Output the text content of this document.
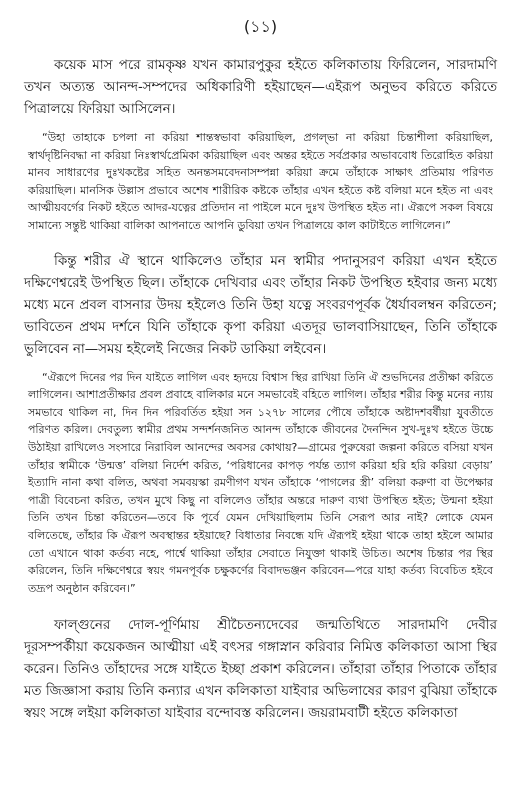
(১১)

কয়েক মাস পরে রামকৃষ্ণ যখন কামারপুকুর হইতে কলিকাতায় ফিরিলেন, সারদামণি তখন অত্যন্ত আনন্দ-সম্পদের অধিকারিণী হইয়াছেন—এইরূপ অনুভব করিতে করিতে পিত্রালয়ে ফিরিয়া আসিলেন।

“উহা তাহাকে চপলা না করিয়া শান্তস্বভাবা করিয়াছিল, প্রগল্‌ভা না করিয়া চিন্তাশীলা করিয়াছিল, স্বার্থদৃষ্টিনিবদ্ধা না করিয়া নিঃস্বার্থপ্রেমিকা করিয়াছিল এবং অন্তর হইতে সর্বপ্রকার অভাববোধ তিরোহিত করিয়া মানব সাধারণের দুঃখকষ্টের সহিত অনন্তসমবেদনাসম্পন্না করিয়া ক্রমে তাঁহাকে সাক্ষাৎ প্রতিমায় পরিণত করিয়াছিল। মানসিক উল্লাস প্রভাবে অশেষ শারীরিক কষ্টকে তাঁহার এখন হইতে কষ্ট বলিয়া মনে হইত না এবং আত্মীয়বর্গের নিকট হইতে আদর-যত্নের প্রতিদান না পাইলে মনে দুঃখ উপস্থিত হইত না। ঐরূপে সকল বিষয়ে সামান্যে সন্তুষ্ট থাকিয়া বালিকা আপনাতে আপনি ডুবিয়া তখন পিত্রালয়ে কাল কাটাইতে লাগিলেন।”

কিন্তু শরীর ঐ স্থানে থাকিলেও তাঁহার মন স্বামীর পদানুসরণ করিয়া এখন হইতে দক্ষিণেশ্বরেই উপস্থিত ছিল। তাঁহাকে দেখিবার এবং তাঁহার নিকট উপস্থিত হইবার জন্য মধ্যে মধ্যে মনে প্রবল বাসনার উদয় হইলেও তিনি উহা যত্নে সংবরণপূর্বক ধৈর্যাবলম্বন করিতেন; ভাবিতেন প্রথম দর্শনে যিনি তাঁহাকে কৃপা করিয়া এতদূর ভালবাসিয়াছেন, তিনি তাঁহাকে ভুলিবেন না—সময় হইলেই নিজের নিকট ডাকিয়া লইবেন।

“ঐরূপে দিনের পর দিন যাইতে লাগিল এবং হৃদয়ে বিশ্বাস স্থির রাখিয়া তিনি ঐ শুভদিনের প্রতীক্ষা করিতে লাগিলেন। আশাপ্রতীক্ষার প্রবল প্রবাহে বালিকার মনে সমভাবেই বহিতে লাগিল। তাঁহার শরীর কিন্তু মনের ন্যায় সমভাবে থাকিল না, দিন দিন পরিবর্তিত হইয়া সন ১২৭৮ সালের পৌষে তাঁহাকে অষ্টাদশবর্ষীয়া যুবতীতে পরিণত করিল। দেবতুল্য স্বামীর প্রথম সন্দর্শনজনিত আনন্দ তাঁহাকে জীবনের দৈনন্দিন সুখ-দুঃখ হইতে উচ্চে উঠাইয়া রাখিলেও সংসারে নিরাবিল আনন্দের অবসর কোথায়?—গ্রামের পুরুষেরা জল্পনা করিতে বসিয়া যখন তাঁহার স্বামীকে ‘উন্মত্ত’ বলিয়া নির্দেশ করিত, ‘পরিধানের কাপড় পর্যন্ত ত্যাগ করিয়া হরি হরি করিয়া বেড়ায়’ ইত্যাদি নানা কথা বলিত, অথবা সমবয়স্কা রমণীগণ যখন তাঁহাকে ‘পাগলের স্ত্রী’ বলিয়া করুণা বা উপেক্ষার পাত্রী বিবেচনা করিত, তখন মুখে কিছু না বলিলেও তাঁহার অন্তরে দারুণ ব্যথা উপস্থিত হইত; উন্মনা হইয়া তিনি তখন চিন্তা করিতেন—তবে কি পূর্বে যেমন দেখিয়াছিলাম তিনি সেরূপ আর নাই? লোকে যেমন বলিতেছে, তাঁহার কি ঐরূপ অবস্থান্তর হইয়াছে? বিধাতার নিবন্ধে যদি ঐরূপই হইয়া থাকে তাহা হইলে আমার তো এখানে থাকা কর্তব্য নহে, পার্শ্বে থাকিয়া তাঁহার সেবাতে নিযুক্তা থাকাই উচিত। অশেষ চিন্তার পর স্থির করিলেন, তিনি দক্ষিণেশ্বরে স্বয়ং গমনপূর্বক চক্ষুকর্ণের বিবাদভঞ্জন করিবেন—পরে যাহা কর্তব্য বিবেচিত হইবে তদ্রূপ অনুষ্ঠান করিবেন।”

ফাল্গুনের দোল-পূর্ণিমায় শ্রীচৈতন্যদেবের জন্মতিথিতে সারদামণি দেবীর দূরসম্পর্কীয়া কয়েকজন আত্মীয়া এই বৎসর গঙ্গাস্নান করিবার নিমিত্ত কলিকাতা আসা স্থির করেন। তিনিও তাঁহাদের সঙ্গে যাইতে ইচ্ছা প্রকাশ করিলেন। তাঁহারা তাঁহার পিতাকে তাঁহার মত জিজ্ঞাসা করায় তিনি কন্যার এখন কলিকাতা যাইবার অভিলাষের কারণ বুঝিয়া তাঁহাকে স্বয়ং সঙ্গে লইয়া কলিকাতা যাইবার বন্দোবস্ত করিলেন। জয়রামবাটী হইতে কলিকাতা
